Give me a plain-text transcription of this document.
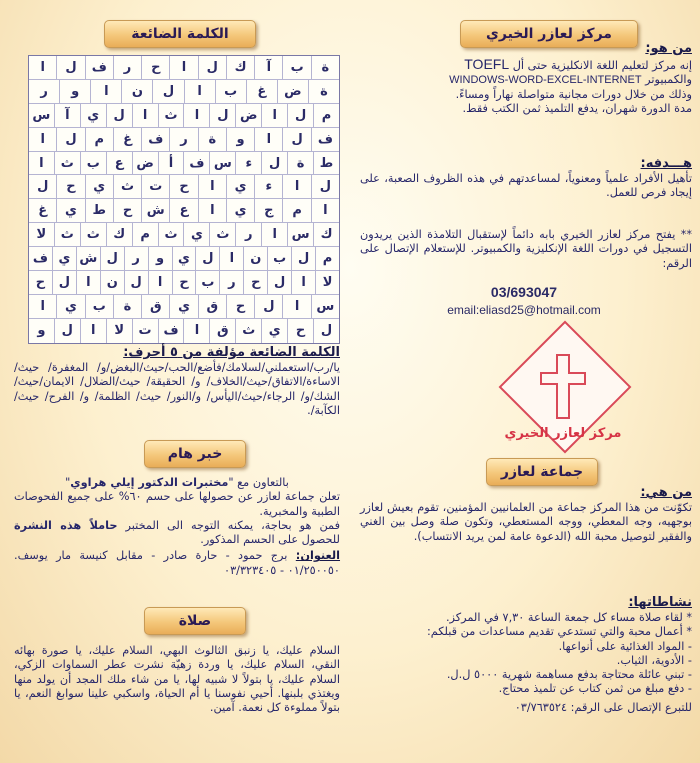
الكلمة الضائعة
ة
ب
آ
ك
ل
ا
ح
ر
ف
ل
ا
ة
ض
غ
ب
ا
ل
ن
ا
و
ر
م
ل
ا
ض
ل
ا
ث
ا
ل
ي
آ
س
ف
ل
ا
و
ة
ر
ف
غ
م
ل
ا
ط
ة
ل
ء
س
ف
أ
ض
ع
ب
ث
ا
ل
ا
ء
ي
ا
ح
ت
ث
ي
ح
ل
ا
م
ج
ي
ا
ع
ش
ح
ط
ي
غ
ك
س
ا
ر
ث
ي
ث
م
ك
ث
ث
لا
م
ل
ب
ن
ا
ل
ي
و
ر
ل
ش
ي
ف
لا
ا
ل
ح
ر
ب
ح
ا
ل
ن
ا
ل
ح
س
ا
ل
ح
ق
ي
ق
ة
ب
ي
ا
ل
ح
ي
ث
ق
ا
ف
ت
لا
ا
ل
و
الكلمة الضائعة مؤلفة من ٥ أحرف:
يا/رب/استعملني/لسلامك/فأضع/الحب/حيث/البغض/و/ المغفرة/ حيث/ الاساءة/الاتفاق/حيث/الخلاف/ و/ الحقيقة/ حيث/الضلال/ الايمان/حيث/الشك/و/ الرجاء/حيث/اليأس/ و/النور/ حيث/ الظلمة/ و/ الفرح/ حيث/ الكآبة/.
خبر هام
بالتعاون مع "مختبرات الدكتور إيلي هراوي"
تعلن جماعة لعازر عن حصولها على حسم ٦٠% على جميع الفحوصات الطبية والمخبرية.
فمن هو بحاجة، يمكنه التوجه الى المختبر حاملاً هذه النشرة للحصول على الحسم المذكور.
العنوان: برج حمود - حارة صادر - مقابل كنيسة مار يوسف. ٠١/٢٥٠٠٥٠ - ٠٣/٣٢٣٤٠٥
صلاة
السلام عليك، يا زنبق الثالوث البهي، السلام عليك، يا صورة بهائه النقي، السلام عليك، يا وردة زهيّة نشرت عطر السماوات الزكي، السلام عليك، يا بتولاً لا شبيه لها، يا من شاء ملك المجد أن يولد منها ويغتذي بلبنها. أحيي نفوسنا يا أم الحياة، واسكبي علينا سوابغ النعم، يا بتولاً مملوءة كل نعمة. آمين.
مركز لعازر الخيري
من هو:
إنه مركز لتعليم اللغة الانكليزية حتى أل TOEFL
والكمبيوتر WINDOWS-WORD-EXCEL-INTERNET
وذلك من خلال دورات مجانية متواصلة نهاراً ومساءً.
مدة الدورة شهران، يدفع التلميذ ثمن الكتب فقط.
هـــدفه:
تأهيل الأفراد علمياً ومعنوياً، لمساعدتهم في هذه الظروف الصعبة، على إيجاد فرص للعمل.
** يفتح مركز لعازر الخيري بابه دائماً لإستقبال التلامذة الذين يريدون التسجيل في دورات اللغة الإنكليزية والكمبيوتر. للإستعلام الإتصال على الرقم:
03/693047
email:eliasd25@hotmail.com
مركز لعازر الخيري
جماعة لعازر
من هي:
تكوّنت من هذا المركز جماعة من العلمانيين المؤمنين، تقوم بعيش لعازر بوجهيه، وجه المعطي، ووجه المستعطي، وتكون صلة وصل بين الغني والفقير لتوصيل محبة الله (الدعوة عامة لمن يريد الانتساب).
نشاطاتها:
* لقاء صلاة مساء كل جمعة الساعة ٧,٣٠ في المركز.
* أعمال محبة والتي تستدعي تقديم مساعدات من قبلكم:
- المواد الغذائية على أنواعها.
- الأدوية، الثياب.
- تبني عائلة محتاجة بدفع مساهمة شهرية ٥٠٠٠ ل.ل.
- دفع مبلغ من ثمن كتاب عن تلميذ محتاج.
للتبرع الإتصال على الرقم: ٠٣/٧٦٣٥٢٤
